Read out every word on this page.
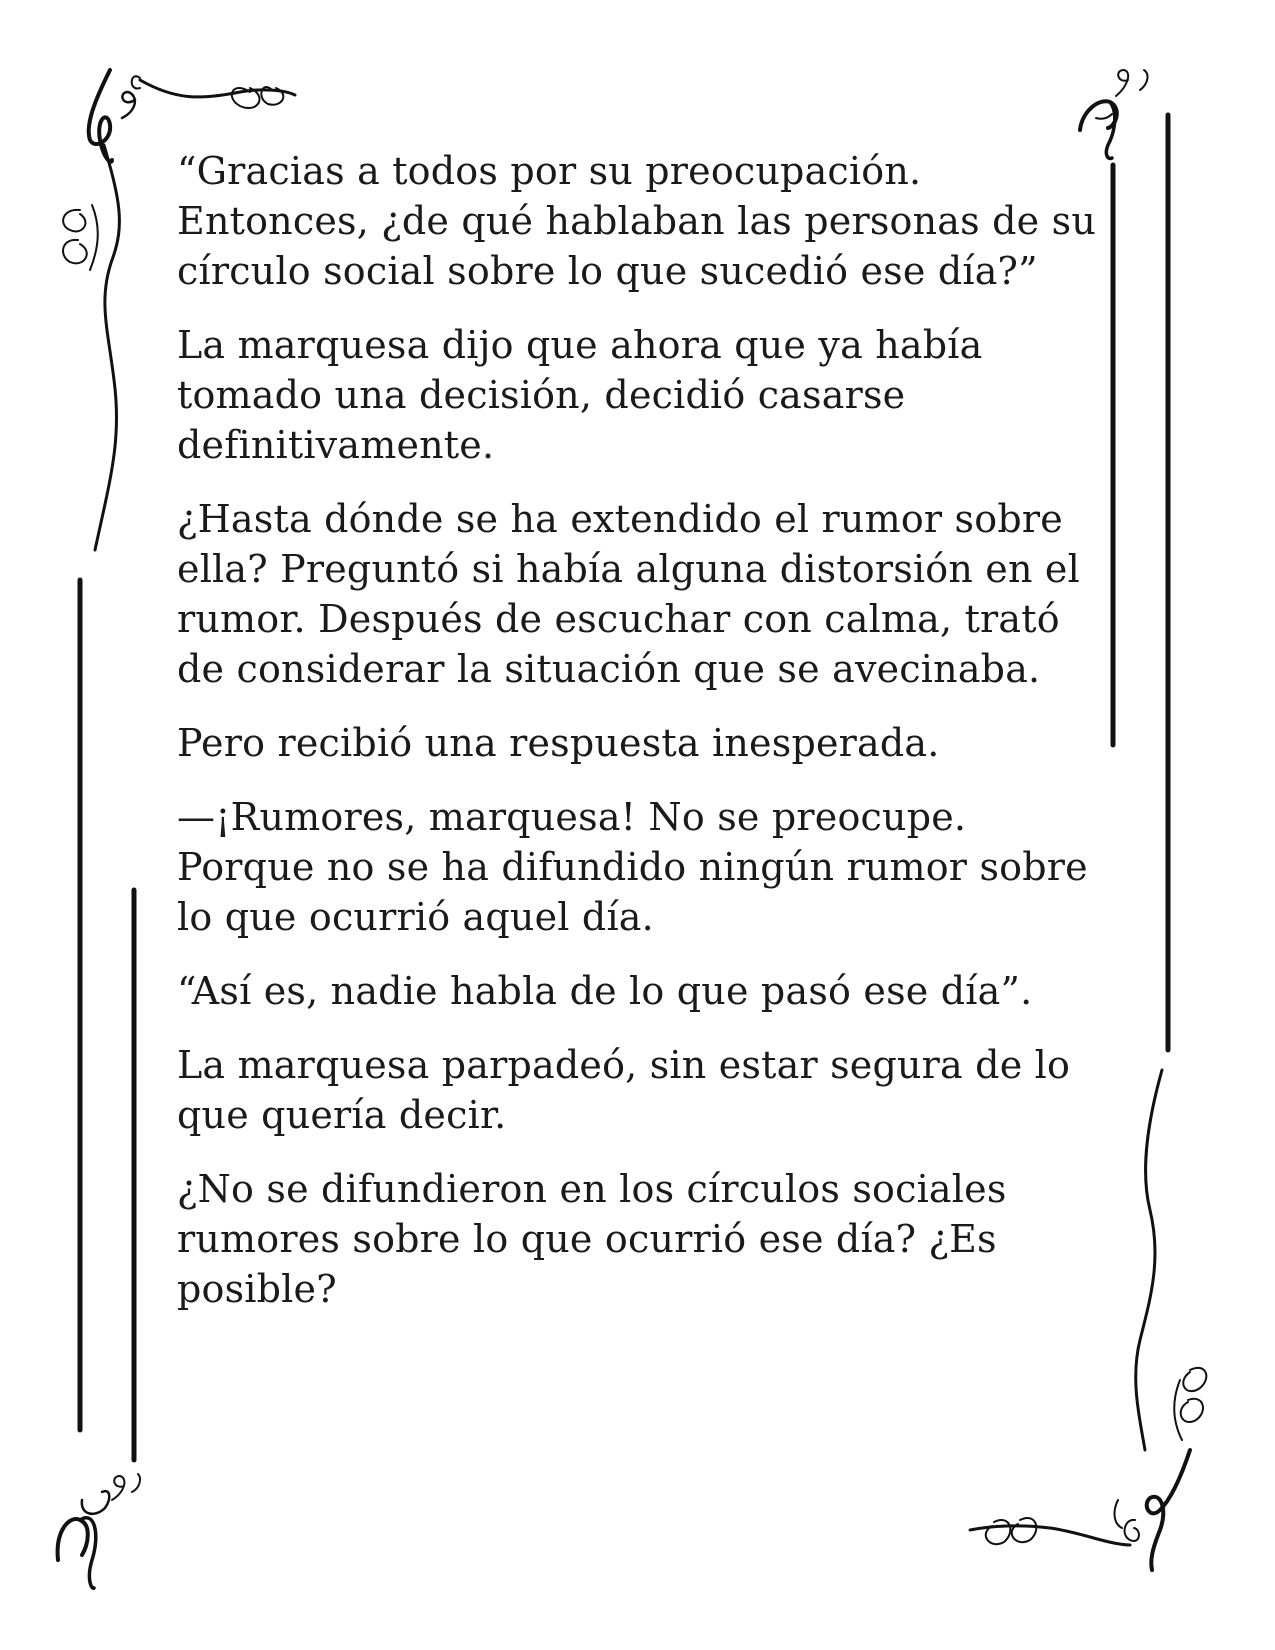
“Gracias a todos por su preocupación. Entonces, ¿de qué hablaban las personas de su círculo social sobre lo que sucedió ese día?”

La marquesa dijo que ahora que ya había tomado una decisión, decidió casarse definitivamente.

¿Hasta dónde se ha extendido el rumor sobre ella? Preguntó si había alguna distorsión en el rumor. Después de escuchar con calma, trató de considerar la situación que se avecinaba.

Pero recibió una respuesta inesperada.

—¡Rumores, marquesa! No se preocupe. Porque no se ha difundido ningún rumor sobre lo que ocurrió aquel día.

“Así es, nadie habla de lo que pasó ese día”.

La marquesa parpadeó, sin estar segura de lo que quería decir.

¿No se difundieron en los círculos sociales rumores sobre lo que ocurrió ese día? ¿Es posible?
